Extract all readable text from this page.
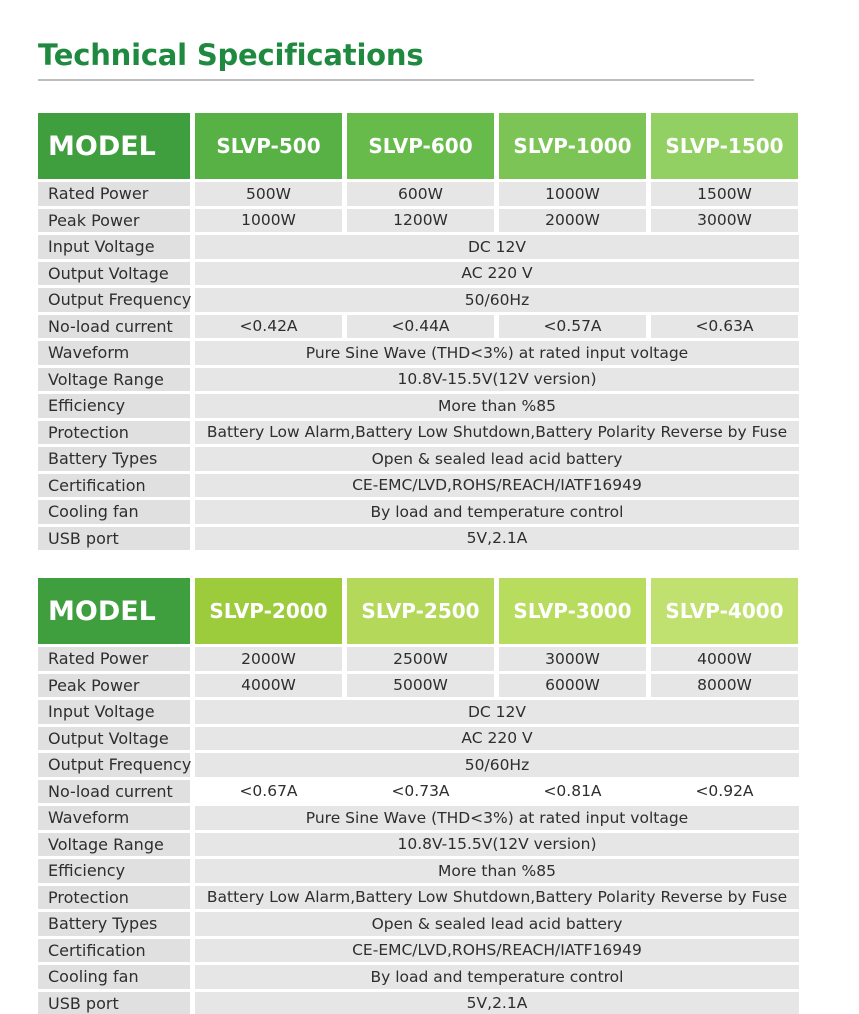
Technical Specifications
MODEL	SLVP-500	SLVP-600	SLVP-1000	SLVP-1500
Rated Power	500W	600W	1000W	1500W
Peak Power	1000W	1200W	2000W	3000W
Input Voltage	DC 12V
Output Voltage	AC 220 V
Output Frequency	50/60Hz
No-load current	<0.42A	<0.44A	<0.57A	<0.63A
Waveform	Pure Sine Wave (THD<3%) at rated input voltage
Voltage Range	10.8V-15.5V(12V version)
Efficiency	More than %85
Protection	Battery Low Alarm,Battery Low Shutdown,Battery Polarity Reverse by Fuse
Battery Types	Open & sealed lead acid battery
Certification	CE-EMC/LVD,ROHS/REACH/IATF16949
Cooling fan	By load and temperature control
USB port	5V,2.1A
MODEL	SLVP-2000	SLVP-2500	SLVP-3000	SLVP-4000
Rated Power	2000W	2500W	3000W	4000W
Peak Power	4000W	5000W	6000W	8000W
Input Voltage	DC 12V
Output Voltage	AC 220 V
Output Frequency	50/60Hz
No-load current	<0.67A	<0.73A	<0.81A	<0.92A
Waveform	Pure Sine Wave (THD<3%) at rated input voltage
Voltage Range	10.8V-15.5V(12V version)
Efficiency	More than %85
Protection	Battery Low Alarm,Battery Low Shutdown,Battery Polarity Reverse by Fuse
Battery Types	Open & sealed lead acid battery
Certification	CE-EMC/LVD,ROHS/REACH/IATF16949
Cooling fan	By load and temperature control
USB port	5V,2.1A
